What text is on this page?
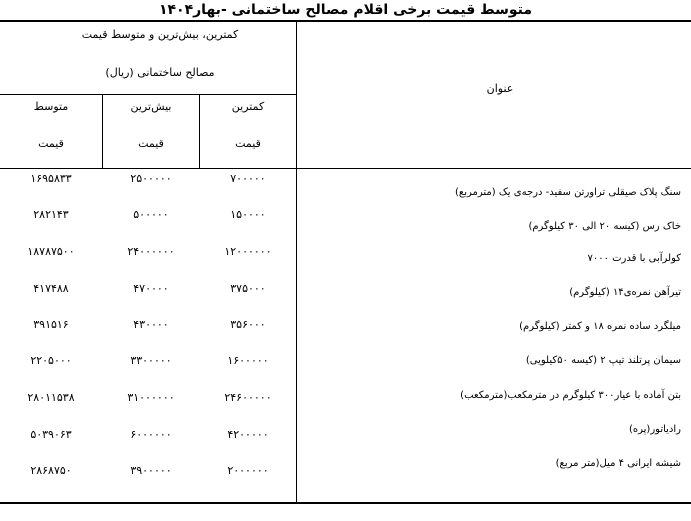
متوسط قیمت برخی اقلام مصالح ساختمانی -بهار۱۴۰۴
کمترین، بیش‌ترین و متوسط قیمت
مصالح ساختمانی (ریال)
عنوان
متوسط
قیمت
بیش‌ترین
قیمت
کمترین
قیمت
سنگ پلاک صیقلی تراورتن سفید- درجه‌ی یک (مترمربع)
۱۶۹۵۸۳۳	۲۵۰۰۰۰۰	۷۰۰۰۰۰
خاک رس (کیسه ۲۰ الی ۳۰ کیلوگرم)
۲۸۲۱۴۳	۵۰۰۰۰۰	۱۵۰۰۰۰
کولرآبی با قدرت ۷۰۰۰
۱۸۷۸۷۵۰۰	۲۴۰۰۰۰۰۰	۱۲۰۰۰۰۰۰
تیرآهن نمره‌ی۱۴ (کیلوگرم)
۴۱۷۴۸۸	۴۷۰۰۰۰	۳۷۵۰۰۰
میلگرد ساده نمره ۱۸ و کمتر (کیلوگرم)
۳۹۱۵۱۶	۴۳۰۰۰۰	۳۵۶۰۰۰
سیمان پرتلند تیپ ۲ (کیسه ۵۰کیلویی)
۲۲۰۵۰۰۰	۳۳۰۰۰۰۰	۱۶۰۰۰۰۰
بتن آماده با عیار۳۰۰ کیلوگرم در مترمکعب(مترمکعب)
۲۸۰۱۱۵۳۸	۳۱۰۰۰۰۰۰	۲۴۶۰۰۰۰۰
رادیاتور(پره)
۵۰۳۹۰۶۳	۶۰۰۰۰۰۰	۴۲۰۰۰۰۰
شیشه ایرانی ۴ میل(متر مربع)
۲۸۶۸۷۵۰	۳۹۰۰۰۰۰	۲۰۰۰۰۰۰
